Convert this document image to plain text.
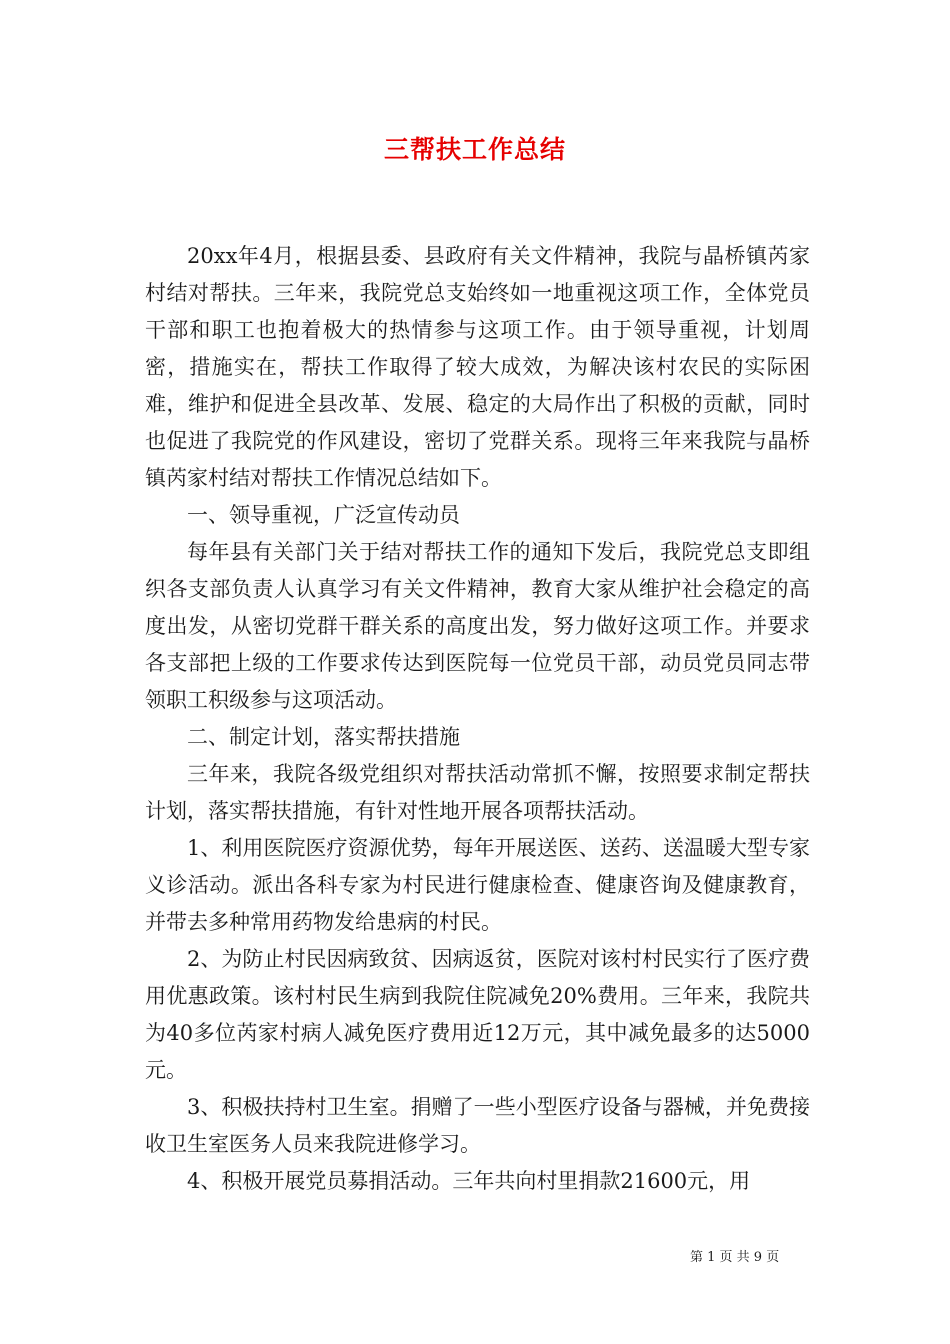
三帮扶工作总结

20xx年4月，根据县委、县政府有关文件精神，我院与晶桥镇芮家村结对帮扶。三年来，我院党总支始终如一地重视这项工作，全体党员干部和职工也抱着极大的热情参与这项工作。由于领导重视，计划周密，措施实在，帮扶工作取得了较大成效，为解决该村农民的实际困难，维护和促进全县改革、发展、稳定的大局作出了积极的贡献，同时也促进了我院党的作风建设，密切了党群关系。现将三年来我院与晶桥镇芮家村结对帮扶工作情况总结如下。

一、领导重视，广泛宣传动员

每年县有关部门关于结对帮扶工作的通知下发后，我院党总支即组织各支部负责人认真学习有关文件精神，教育大家从维护社会稳定的高度出发，从密切党群干群关系的高度出发，努力做好这项工作。并要求各支部把上级的工作要求传达到医院每一位党员干部，动员党员同志带领职工积级参与这项活动。

二、制定计划，落实帮扶措施

三年来，我院各级党组织对帮扶活动常抓不懈，按照要求制定帮扶计划，落实帮扶措施，有针对性地开展各项帮扶活动。

1、利用医院医疗资源优势，每年开展送医、送药、送温暖大型专家义诊活动。派出各科专家为村民进行健康检查、健康咨询及健康教育，并带去多种常用药物发给患病的村民。

2、为防止村民因病致贫、因病返贫，医院对该村村民实行了医疗费用优惠政策。该村村民生病到我院住院减免20%费用。三年来，我院共为40多位芮家村病人减免医疗费用近12万元，其中减免最多的达5000元。

3、积极扶持村卫生室。捐赠了一些小型医疗设备与器械，并免费接收卫生室医务人员来我院进修学习。

4、积极开展党员募捐活动。三年共向村里捐款21600元，用

第 1 页 共 9 页
